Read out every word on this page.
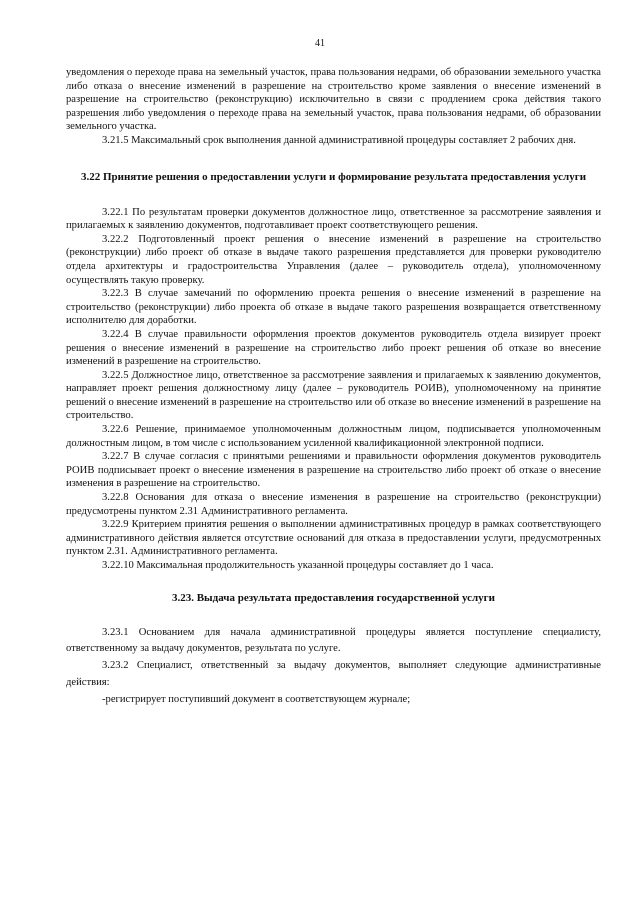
41

уведомления о переходе права на земельный участок, права пользования недрами, об образовании земельного участка либо отказа о внесение изменений в разрешение на строительство кроме заявления о внесение изменений в разрешение на строительство (реконструкцию) исключительно в связи с продлением срока действия такого разрешения либо уведомления о переходе права на земельный участок, права пользования недрами, об образовании земельного участка.

3.21.5 Максимальный срок выполнения данной административной процедуры составляет 2 рабочих дня.

3.22 Принятие решения о предоставлении услуги и формирование результата предоставления услуги

3.22.1 По результатам проверки документов должностное лицо, ответственное за рассмотрение заявления и прилагаемых к заявлению документов, подготавливает проект соответствующего решения.

3.22.2 Подготовленный проект решения о внесение изменений в разрешение на строительство (реконструкции) либо проект об отказе в выдаче такого разрешения представляется для проверки руководителю отдела архитектуры и градостроительства Управления (далее – руководитель отдела), уполномоченному осуществлять такую проверку.

3.22.3 В случае замечаний по оформлению проекта решения о внесение изменений в разрешение на строительство (реконструкции) либо проекта об отказе в выдаче такого разрешения возвращается ответственному исполнителю для доработки.

3.22.4 В случае правильности оформления проектов документов руководитель отдела визирует проект решения о внесение изменений в разрешение на строительство либо проект решения об отказе во внесение изменений в разрешение на строительство.

3.22.5 Должностное лицо, ответственное за рассмотрение заявления и прилагаемых к заявлению документов, направляет проект решения должностному лицу (далее – руководитель РОИВ), уполномоченному на принятие решений о внесение изменений в разрешение на строительство или об отказе во внесение изменений в разрешение на строительство.

3.22.6 Решение, принимаемое уполномоченным должностным лицом, подписывается уполномоченным должностным лицом, в том числе с использованием усиленной квалификационной электронной подписи.

3.22.7 В случае согласия с принятыми решениями и правильности оформления документов руководитель РОИВ подписывает проект о внесение изменения в разрешение на строительство либо проект об отказе о внесение изменения в разрешение на строительство.

3.22.8 Основания для отказа о внесение изменения в разрешение на строительство (реконструкции) предусмотрены пунктом 2.31 Административного регламента.

3.22.9 Критерием принятия решения о выполнении административных процедур в рамках соответствующего административного действия является отсутствие оснований для отказа в предоставлении услуги, предусмотренных пунктом 2.31. Административного регламента.

3.22.10 Максимальная продолжительность указанной процедуры составляет до 1 часа.

3.23. Выдача результата предоставления государственной услуги

3.23.1 Основанием для начала административной процедуры является поступление специалисту, ответственному за выдачу документов, результата по услуге.

3.23.2 Специалист, ответственный за выдачу документов, выполняет следующие административные действия:

-регистрирует поступивший документ в соответствующем журнале;
